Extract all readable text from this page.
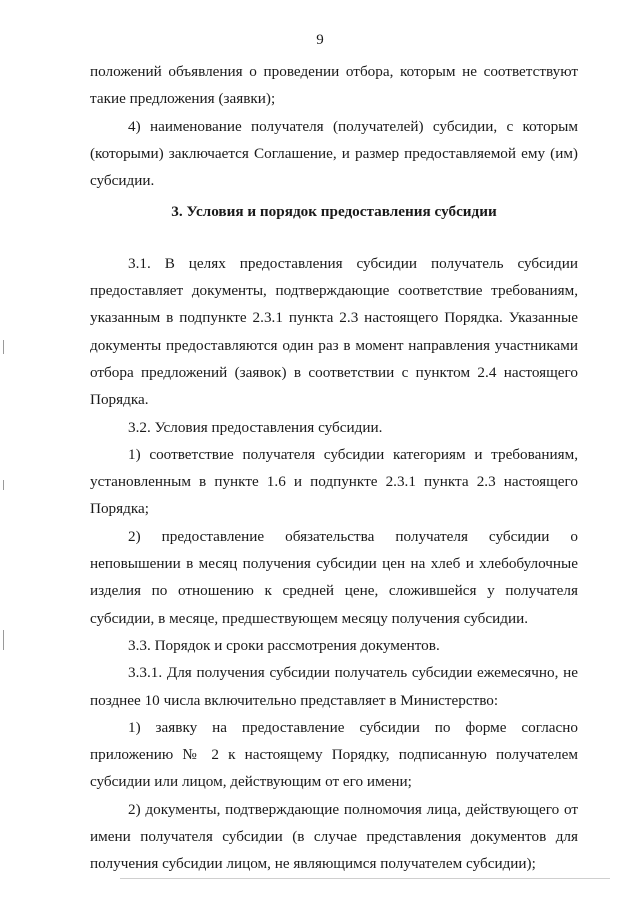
9

положений объявления о проведении отбора, которым не соответствуют такие предложения (заявки);

4) наименование получателя (получателей) субсидии, с которым (которыми) заключается Соглашение, и размер предоставляемой ему (им) субсидии.

3. Условия и порядок предоставления субсидии

3.1. В целях предоставления субсидии получатель субсидии предоставляет документы, подтверждающие соответствие требованиям, указанным в подпункте 2.3.1 пункта 2.3 настоящего Порядка. Указанные документы предоставляются один раз в момент направления участниками отбора предложений (заявок) в соответствии с пунктом 2.4 настоящего Порядка.

3.2. Условия предоставления субсидии.

1) соответствие получателя субсидии категориям и требованиям, установленным в пункте 1.6 и подпункте 2.3.1 пункта 2.3 настоящего Порядка;

2) предоставление обязательства получателя субсидии о неповышении в месяц получения субсидии цен на хлеб и хлебобулочные изделия по отношению к средней цене, сложившейся у получателя субсидии, в месяце, предшествующем месяцу получения субсидии.

3.3. Порядок и сроки рассмотрения документов.

3.3.1. Для получения субсидии получатель субсидии ежемесячно, не позднее 10 числа включительно представляет в Министерство:

1) заявку на предоставление субсидии по форме согласно приложению № 2 к настоящему Порядку, подписанную получателем субсидии или лицом, действующим от его имени;

2) документы, подтверждающие полномочия лица, действующего от имени получателя субсидии (в случае представления документов для получения субсидии лицом, не являющимся получателем субсидии);
